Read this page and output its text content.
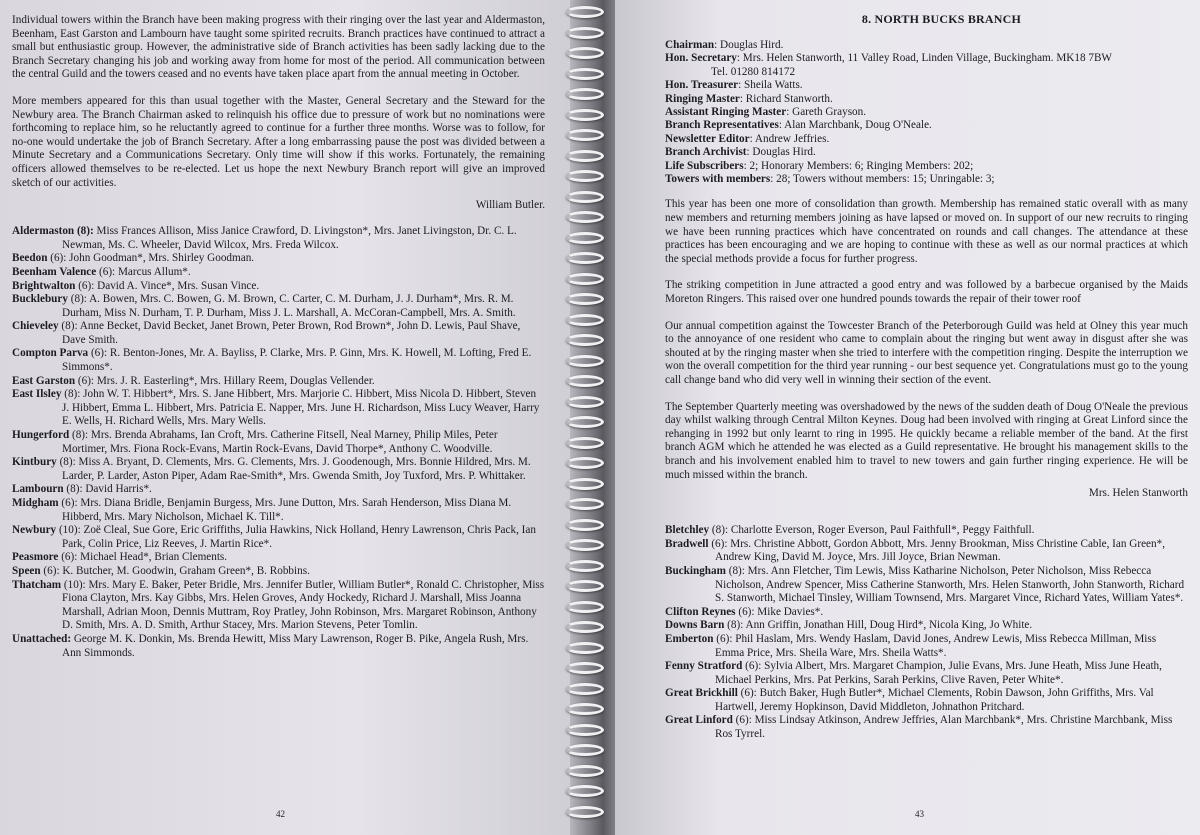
Individual towers within the Branch have been making progress with their ringing over the last year and Aldermaston, Beenham, East Garston and Lambourn have taught some spirited recruits. Branch practices have continued to attract a small but enthusiastic group. However, the administrative side of Branch activities has been sadly lacking due to the Branch Secretary changing his job and working away from home for most of the period. All communication between the central Guild and the towers ceased and no events have taken place apart from the annual meeting in October.

More members appeared for this than usual together with the Master, General Secretary and the Steward for the Newbury area. The Branch Chairman asked to relinquish his office due to pressure of work but no nominations were forthcoming to replace him, so he reluctantly agreed to continue for a further three months. Worse was to follow, for no-one would undertake the job of Branch Secretary. After a long embarrassing pause the post was divided between a Minute Secretary and a Communications Secretary. Only time will show if this works. Fortunately, the remaining officers allowed themselves to be re-elected. Let us hope the next Newbury Branch report will give an improved sketch of our activities.

William Butler.

Aldermaston (8): Miss Frances Allison, Miss Janice Crawford, D. Livingston*, Mrs. Janet Livingston, Dr. C. L. Newman, Ms. C. Wheeler, David Wilcox, Mrs. Freda Wilcox.

Beedon (6): John Goodman*, Mrs. Shirley Goodman.

Beenham Valence (6): Marcus Allum*.

Brightwalton (6): David A. Vince*, Mrs. Susan Vince.

Bucklebury (8): A. Bowen, Mrs. C. Bowen, G. M. Brown, C. Carter, C. M. Durham, J. J. Durham*, Mrs. R. M. Durham, Miss N. Durham, T. P. Durham, Miss J. L. Marshall, A. McCoran-Campbell, Mrs. A. Smith.

Chieveley (8): Anne Becket, David Becket, Janet Brown, Peter Brown, Rod Brown*, John D. Lewis, Paul Shave, Dave Smith.

Compton Parva (6): R. Benton-Jones, Mr. A. Bayliss, P. Clarke, Mrs. P. Ginn, Mrs. K. Howell, M. Lofting, Fred E. Simmons*.

East Garston (6): Mrs. J. R. Easterling*, Mrs. Hillary Reem, Douglas Vellender.

East Ilsley (8): John W. T. Hibbert*, Mrs. S. Jane Hibbert, Mrs. Marjorie C. Hibbert, Miss Nicola D. Hibbert, Steven J. Hibbert, Emma L. Hibbert, Mrs. Patricia E. Napper, Mrs. June H. Richardson, Miss Lucy Weaver, Harry E. Wells, H. Richard Wells, Mrs. Mary Wells.

Hungerford (8): Mrs. Brenda Abrahams, Ian Croft, Mrs. Catherine Fitsell, Neal Marney, Philip Miles, Peter Mortimer, Mrs. Fiona Rock-Evans, Martin Rock-Evans, David Thorpe*, Anthony C. Woodville.

Kintbury (8): Miss A. Bryant, D. Clements, Mrs. G. Clements, Mrs. J. Goodenough, Mrs. Bonnie Hildred, Mrs. M. Larder, P. Larder, Aston Piper, Adam Rae-Smith*, Mrs. Gwenda Smith, Joy Tuxford, Mrs. P. Whittaker.

Lambourn (8): David Harris*.

Midgham (6): Mrs. Diana Bridle, Benjamin Burgess, Mrs. June Dutton, Mrs. Sarah Henderson, Miss Diana M. Hibberd, Mrs. Mary Nicholson, Michael K. Till*.

Newbury (10): Zoë Cleal, Sue Gore, Eric Griffiths, Julia Hawkins, Nick Holland, Henry Lawrenson, Chris Pack, Ian Park, Colin Price, Liz Reeves, J. Martin Rice*.

Peasmore (6): Michael Head*, Brian Clements.

Speen (6): K. Butcher, M. Goodwin, Graham Green*, B. Robbins.

Thatcham (10): Mrs. Mary E. Baker, Peter Bridle, Mrs. Jennifer Butler, William Butler*, Ronald C. Christopher, Miss Fiona Clayton, Mrs. Kay Gibbs, Mrs. Helen Groves, Andy Hockedy, Richard J. Marshall, Miss Joanna Marshall, Adrian Moon, Dennis Muttram, Roy Pratley, John Robinson, Mrs. Margaret Robinson, Anthony D. Smith, Mrs. A. D. Smith, Arthur Stacey, Mrs. Marion Stevens, Peter Tomlin.

Unattached: George M. K. Donkin, Ms. Brenda Hewitt, Miss Mary Lawrenson, Roger B. Pike, Angela Rush, Mrs. Ann Simmonds.

42
8. NORTH BUCKS BRANCH
Chairman: Douglas Hird.
Hon. Secretary: Mrs. Helen Stanworth, 11 Valley Road, Linden Village, Buckingham. MK18 7BW
Tel. 01280 814172
Hon. Treasurer: Sheila Watts.
Ringing Master: Richard Stanworth.
Assistant Ringing Master: Gareth Grayson.
Branch Representatives: Alan Marchbank, Doug O'Neale.
Newsletter Editor: Andrew Jeffries.
Branch Archivist: Douglas Hird.
Life Subscribers: 2; Honorary Members: 6; Ringing Members: 202;
Towers with members: 28; Towers without members: 15; Unringable: 3;

This year has been one more of consolidation than growth. Membership has remained static overall with as many new members and returning members joining as have lapsed or moved on. In support of our new recruits to ringing we have been running practices which have concentrated on rounds and call changes. The attendance at these practices has been encouraging and we are hoping to continue with these as well as our normal practices at which the special methods provide a focus for further progress.

The striking competition in June attracted a good entry and was followed by a barbecue organised by the Maids Moreton Ringers. This raised over one hundred pounds towards the repair of their tower roof

Our annual competition against the Towcester Branch of the Peterborough Guild was held at Olney this year much to the annoyance of one resident who came to complain about the ringing but went away in disgust after she was shouted at by the ringing master when she tried to interfere with the competition ringing. Despite the interruption we won the overall competition for the third year running - our best sequence yet. Congratulations must go to the young call change band who did very well in winning their section of the event.

The September Quarterly meeting was overshadowed by the news of the sudden death of Doug O'Neale the previous day whilst walking through Central Milton Keynes. Doug had been involved with ringing at Great Linford since the rehanging in 1992 but only learnt to ring in 1995. He quickly became a reliable member of the band. At the first branch AGM which he attended he was elected as a Guild representative. He brought his management skills to the branch and his involvement enabled him to travel to new towers and gain further ringing experience. He will be much missed within the branch.

Mrs. Helen Stanworth

Bletchley (8): Charlotte Everson, Roger Everson, Paul Faithfull*, Peggy Faithfull.

Bradwell (6): Mrs. Christine Abbott, Gordon Abbott, Mrs. Jenny Brookman, Miss Christine Cable, Ian Green*, Andrew King, David M. Joyce, Mrs. Jill Joyce, Brian Newman.

Buckingham (8): Mrs. Ann Fletcher, Tim Lewis, Miss Katharine Nicholson, Peter Nicholson, Miss Rebecca Nicholson, Andrew Spencer, Miss Catherine Stanworth, Mrs. Helen Stanworth, John Stanworth, Richard S. Stanworth, Michael Tinsley, William Townsend, Mrs. Margaret Vince, Richard Yates, William Yates*.

Clifton Reynes (6): Mike Davies*.

Downs Barn (8): Ann Griffin, Jonathan Hill, Doug Hird*, Nicola King, Jo White.

Emberton (6): Phil Haslam, Mrs. Wendy Haslam, David Jones, Andrew Lewis, Miss Rebecca Millman, Miss Emma Price, Mrs. Sheila Ware, Mrs. Sheila Watts*.

Fenny Stratford (6): Sylvia Albert, Mrs. Margaret Champion, Julie Evans, Mrs. June Heath, Miss June Heath, Michael Perkins, Mrs. Pat Perkins, Sarah Perkins, Clive Raven, Peter White*.

Great Brickhill (6): Butch Baker, Hugh Butler*, Michael Clements, Robin Dawson, John Griffiths, Mrs. Val Hartwell, Jeremy Hopkinson, David Middleton, Johnathon Pritchard.

Great Linford (6): Miss Lindsay Atkinson, Andrew Jeffries, Alan Marchbank*, Mrs. Christine Marchbank, Miss Ros Tyrrel.

43
